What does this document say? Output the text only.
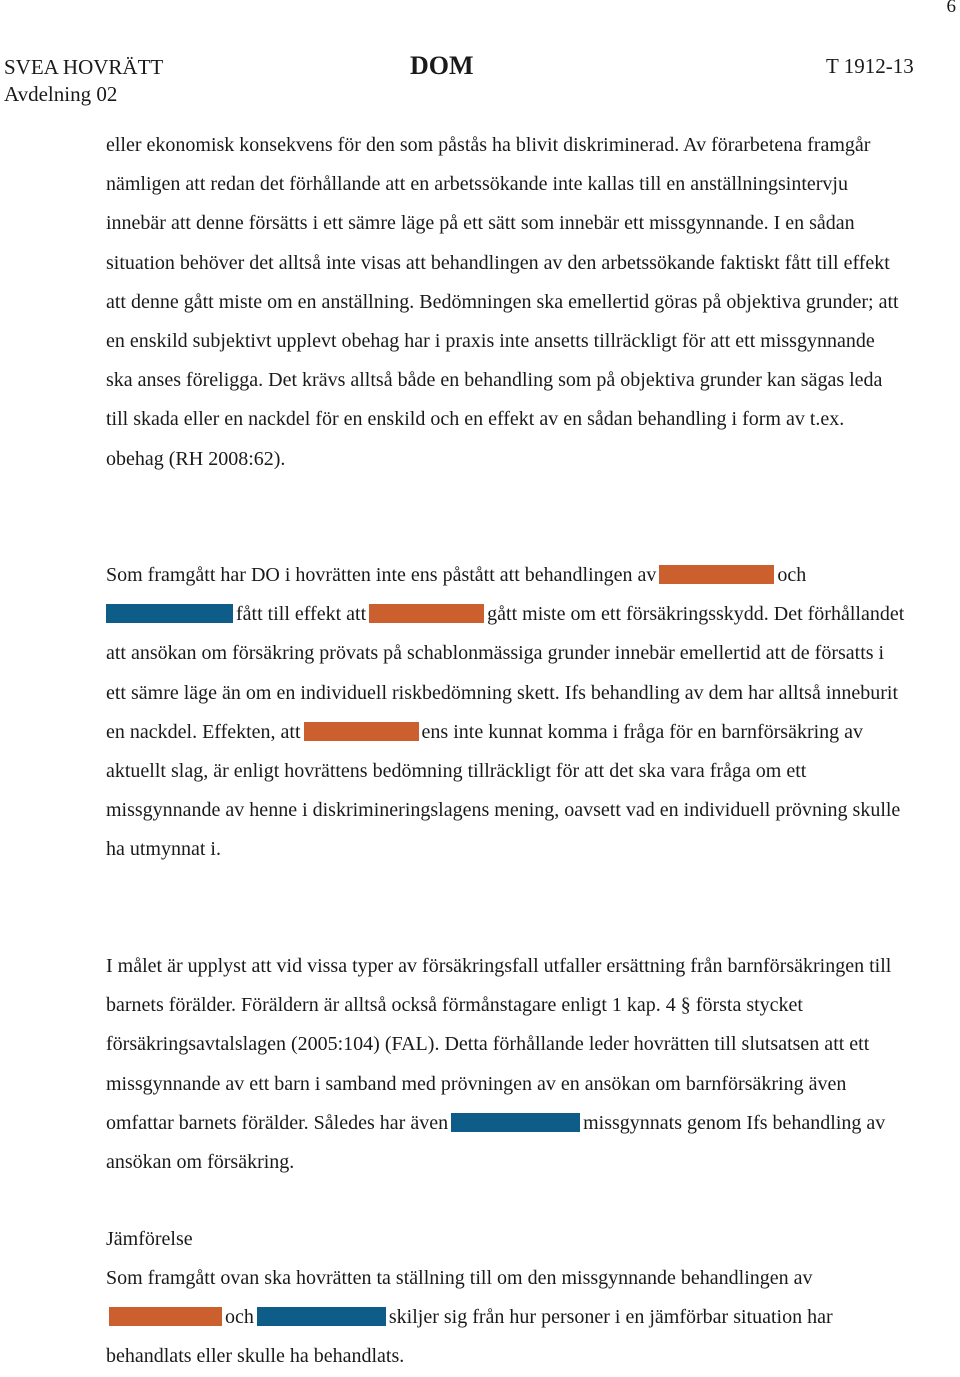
6
SVEA HOVRÄTT
Avdelning 02
DOM	T 1912-13

eller ekonomisk konsekvens för den som påstås ha blivit diskriminerad. Av förarbetena framgår nämligen att redan det förhållande att en arbetssökande inte kallas till en anställningsintervju innebär att denne försätts i ett sämre läge på ett sätt som innebär ett missgynnande. I en sådan situation behöver det alltså inte visas att behandlingen av den arbetssökande faktiskt fått till effekt att denne gått miste om en anställning. Bedömningen ska emellertid göras på objektiva grunder; att en enskild subjektivt upplevt obehag har i praxis inte ansetts tillräckligt för att ett missgynnande ska anses föreligga. Det krävs alltså både en behandling som på objektiva grunder kan sägas leda till skada eller en nackdel för en enskild och en effekt av en sådan behandling i form av t.ex. obehag (RH 2008:62).

Som framgått har DO i hovrätten inte ens påstått att behandlingen av	och fått till effekt att	gått miste om ett försäkringsskydd. Det förhållandet att ansökan om försäkring prövats på schablonmässiga grunder innebär emellertid att de försatts i ett sämre läge än om en individuell riskbedömning skett. Ifs behandling av dem har alltså inneburit en nackdel. Effekten, att	ens inte kunnat komma i fråga för en barnförsäkring av aktuellt slag, är enligt hovrättens bedömning tillräckligt för att det ska vara fråga om ett missgynnande av henne i diskrimineringslagens mening, oavsett vad en individuell prövning skulle ha utmynnat i.

I målet är upplyst att vid vissa typer av försäkringsfall utfaller ersättning från barnförsäkringen till barnets förälder. Föräldern är alltså också förmånstagare enligt 1 kap. 4 § första stycket försäkringsavtalslagen (2005:104) (FAL). Detta förhållande leder hovrätten till slutsatsen att ett missgynnande av ett barn i samband med prövningen av en ansökan om barnförsäkring även omfattar barnets förälder. Således har även	missgynnats genom Ifs behandling av ansökan om försäkring.

Jämförelse

Som framgått ovan ska hovrätten ta ställning till om den missgynnande behandlingen avoch	skiljer sig från hur personer i en jämförbar situation har behandlats eller skulle ha behandlats.
